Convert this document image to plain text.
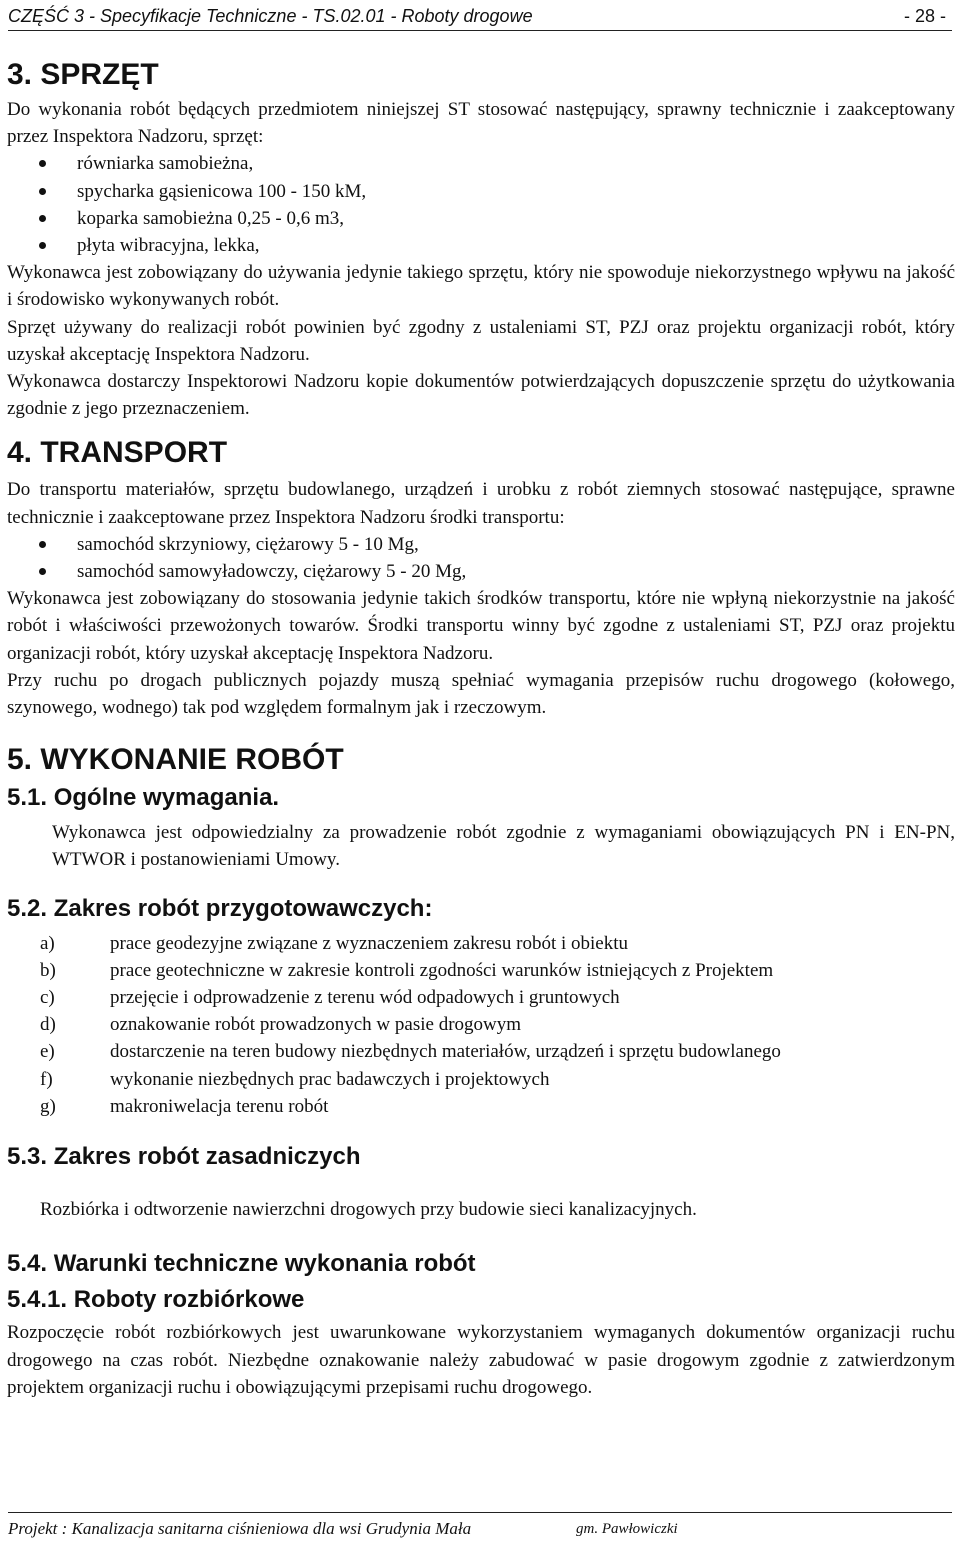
CZĘŚĆ 3 - Specyfikacje Techniczne - TS.02.01 - Roboty drogowe	- 28 -
3. SPRZĘT

Do wykonania robót będących przedmiotem niniejszej ST stosować następujący, sprawny technicznie i zaakceptowany przez Inspektora Nadzoru, sprzęt:

równiarka samobieżna,
spycharka gąsienicowa 100 - 150 kM,
koparka samobieżna 0,25 - 0,6 m3,
płyta wibracyjna, lekka,

Wykonawca jest zobowiązany do używania jedynie takiego sprzętu, który nie spowoduje niekorzystnego wpływu na jakość i środowisko wykonywanych robót.

Sprzęt używany do realizacji robót powinien być zgodny z ustaleniami ST, PZJ oraz projektu organizacji robót, który uzyskał akceptację Inspektora Nadzoru.

Wykonawca dostarczy Inspektorowi Nadzoru kopie dokumentów potwierdzających dopuszczenie sprzętu do użytkowania zgodnie z jego przeznaczeniem.

4. TRANSPORT

Do transportu materiałów, sprzętu budowlanego, urządzeń i urobku z robót ziemnych stosować następujące, sprawne technicznie i zaakceptowane przez Inspektora Nadzoru środki transportu:

samochód skrzyniowy, ciężarowy 5 - 10 Mg,
samochód samowyładowczy, ciężarowy 5 - 20 Mg,

Wykonawca jest zobowiązany do stosowania jedynie takich środków transportu, które nie wpłyną niekorzystnie na jakość robót i właściwości przewożonych towarów. Środki transportu winny być zgodne z ustaleniami ST, PZJ oraz projektu organizacji robót, który uzyskał akceptację Inspektora Nadzoru.

Przy ruchu po drogach publicznych pojazdy muszą spełniać wymagania przepisów ruchu drogowego (kołowego, szynowego, wodnego) tak pod względem formalnym jak i rzeczowym.

5. WYKONANIE ROBÓT
5.1. Ogólne wymagania.

Wykonawca jest odpowiedzialny za prowadzenie robót zgodnie z wymaganiami obowiązujących PN i EN-PN, WTWOR i postanowieniami Umowy.

5.2. Zakres robót przygotowawczych:
a)	prace geodezyjne związane z wyznaczeniem zakresu robót i obiektu
b)	prace geotechniczne w zakresie kontroli zgodności warunków istniejących z Projektem
c)	przejęcie i odprowadzenie z terenu wód odpadowych i gruntowych
d)	oznakowanie robót prowadzonych w pasie drogowym
e)	dostarczenie na teren budowy niezbędnych materiałów, urządzeń i sprzętu budowlanego
f)	wykonanie niezbędnych prac badawczych i projektowych
g)	makroniwelacja terenu robót
5.3. Zakres robót zasadniczych

Rozbiórka i odtworzenie nawierzchni drogowych przy budowie sieci kanalizacyjnych.

5.4. Warunki techniczne wykonania robót
5.4.1. Roboty rozbiórkowe

Rozpoczęcie robót rozbiórkowych jest uwarunkowane wykorzystaniem wymaganych dokumentów organizacji ruchu drogowego na czas robót. Niezbędne oznakowanie należy zabudować w pasie drogowym zgodnie z zatwierdzonym projektem organizacji ruchu i obowiązującymi przepisami ruchu drogowego.

Projekt : Kanalizacja sanitarna ciśnieniowa dla wsi Grudynia Mała	gm. Pawłowiczki
